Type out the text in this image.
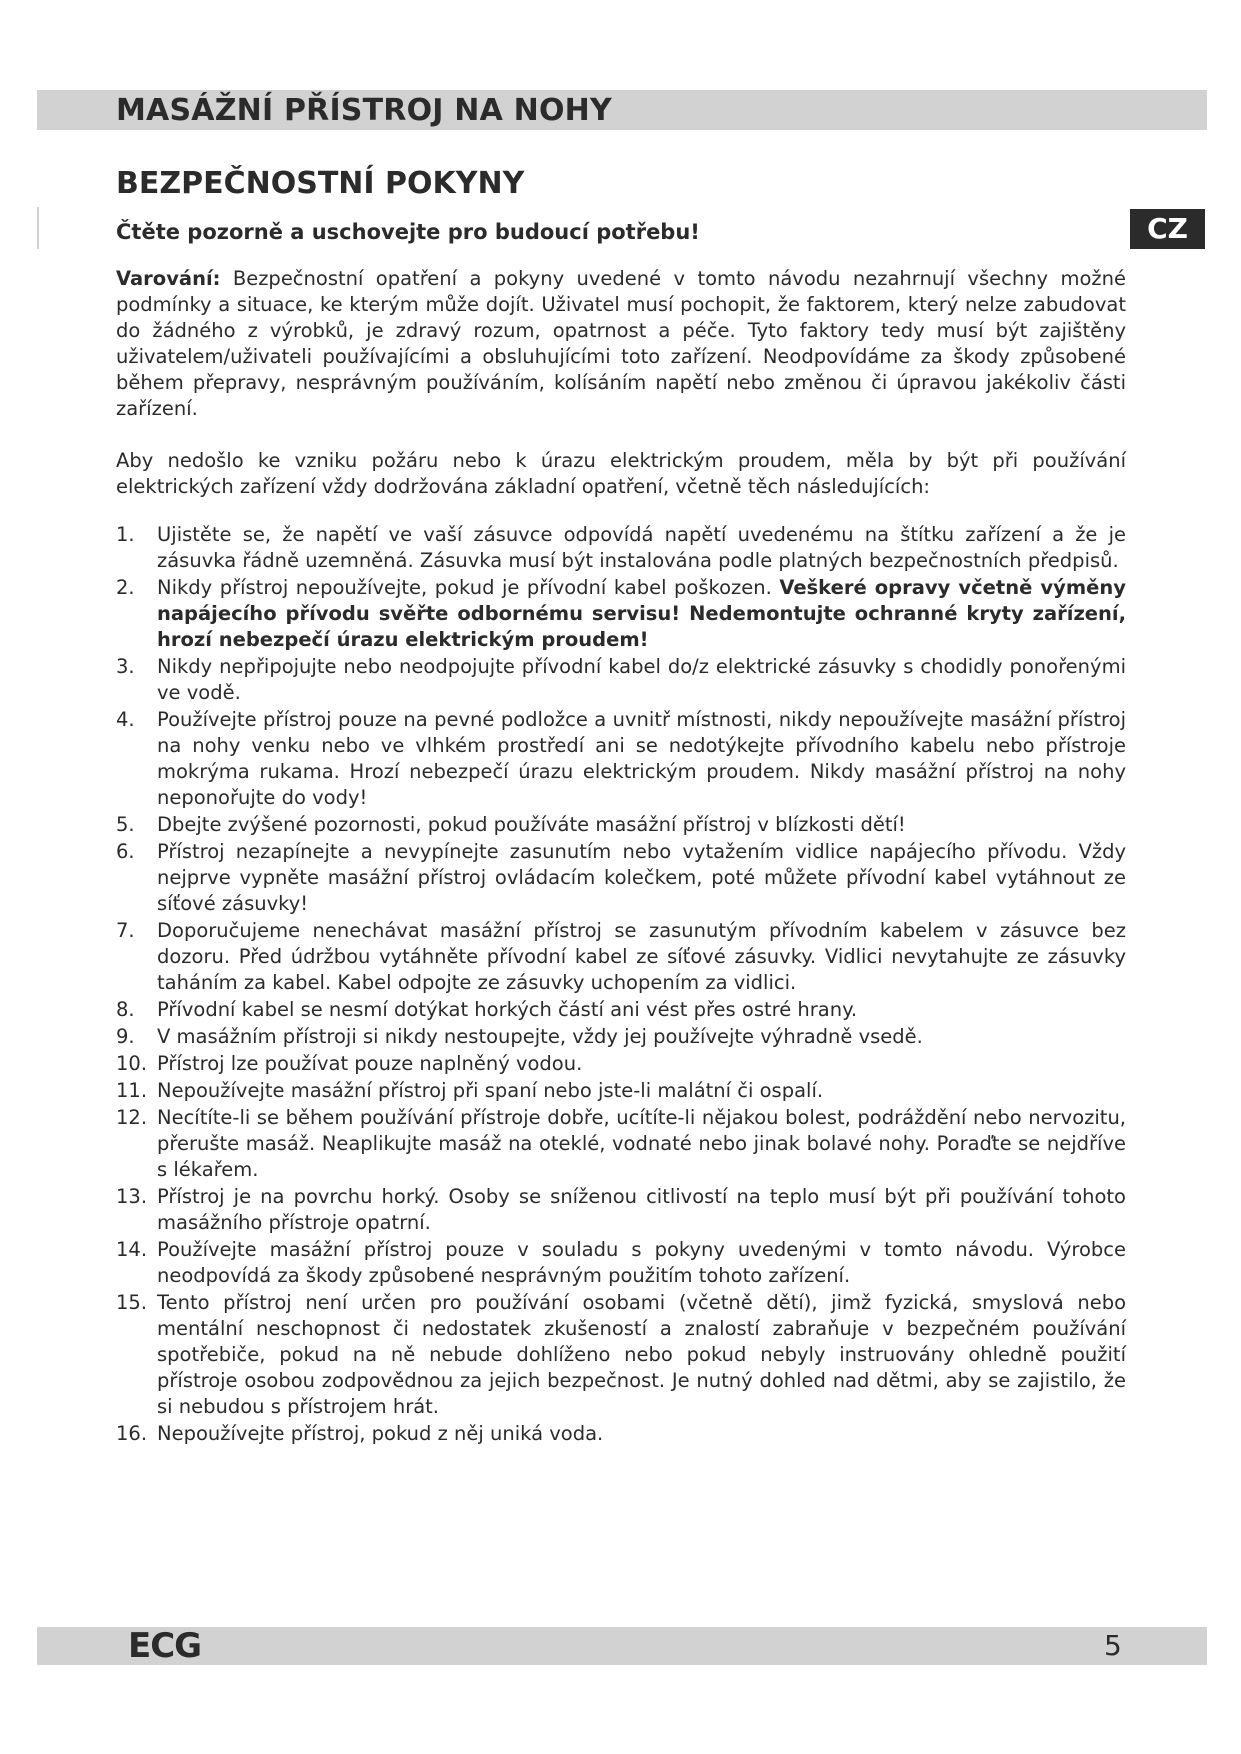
MASÁŽNÍ PŘÍSTROJ NA NOHY
BEZPEČNOSTNÍ POKYNY
Čtěte pozorně a uschovejte pro budoucí potřebu!	CZ

Varování: Bezpečnostní opatření a pokyny uvedené v tomto návodu nezahrnují všechny možné podmínky a situace, ke kterým může dojít. Uživatel musí pochopit, že faktorem, který nelze zabudovat do žádného z výrobků, je zdravý rozum, opatrnost a péče. Tyto faktory tedy musí být zajištěny uživatelem/uživateli používajícími a obsluhujícími toto zařízení. Neodpovídáme za škody způsobené během přepravy, nesprávným používáním, kolísáním napětí nebo změnou či úpravou jakékoliv části zařízení.

Aby nedošlo ke vzniku požáru nebo k úrazu elektrickým proudem, měla by být při používání elektrických zařízení vždy dodržována základní opatření, včetně těch následujících:

1. Ujistěte se, že napětí ve vaší zásuvce odpovídá napětí uvedenému na štítku zařízení a že je zásuvka řádně uzemněná. Zásuvka musí být instalována podle platných bezpečnostních předpisů.
2. Nikdy přístroj nepoužívejte, pokud je přívodní kabel poškozen. Veškeré opravy včetně výměny napájecího přívodu svěřte odbornému servisu! Nedemontujte ochranné kryty zařízení, hrozí nebezpečí úrazu elektrickým proudem!
3. Nikdy nepřipojujte nebo neodpojujte přívodní kabel do/z elektrické zásuvky s chodidly ponořenými ve vodě.
4. Používejte přístroj pouze na pevné podložce a uvnitř místnosti, nikdy nepoužívejte masážní přístroj na nohy venku nebo ve vlhkém prostředí ani se nedotýkejte přívodního kabelu nebo přístroje mokrýma rukama. Hrozí nebezpečí úrazu elektrickým proudem. Nikdy masážní přístroj na nohy neponořujte do vody!
5. Dbejte zvýšené pozornosti, pokud používáte masážní přístroj v blízkosti dětí!
6. Přístroj nezapínejte a nevypínejte zasunutím nebo vytažením vidlice napájecího přívodu. Vždy nejprve vypněte masážní přístroj ovládacím kolečkem, poté můžete přívodní kabel vytáhnout ze síťové zásuvky!
7. Doporučujeme nenechávat masážní přístroj se zasunutým přívodním kabelem v zásuvce bez dozoru. Před údržbou vytáhněte přívodní kabel ze síťové zásuvky. Vidlici nevytahujte ze zásuvky taháním za kabel. Kabel odpojte ze zásuvky uchopením za vidlici.
8. Přívodní kabel se nesmí dotýkat horkých částí ani vést přes ostré hrany.
9. V masážním přístroji si nikdy nestoupejte, vždy jej používejte výhradně vsedě.
10. Přístroj lze používat pouze naplněný vodou.
11. Nepoužívejte masážní přístroj při spaní nebo jste-li malátní či ospalí.
12. Necítíte-li se během používání přístroje dobře, ucítíte-li nějakou bolest, podráždění nebo nervozitu, přerušte masáž. Neaplikujte masáž na oteklé, vodnaté nebo jinak bolavé nohy. Poraďte se nejdříve s lékařem.
13. Přístroj je na povrchu horký. Osoby se sníženou citlivostí na teplo musí být při používání tohoto masážního přístroje opatrní.
14. Používejte masážní přístroj pouze v souladu s pokyny uvedenými v tomto návodu. Výrobce neodpovídá za škody způsobené nesprávným použitím tohoto zařízení.
15. Tento přístroj není určen pro používání osobami (včetně dětí), jimž fyzická, smyslová nebo mentální neschopnost či nedostatek zkušeností a znalostí zabraňuje v bezpečném používání spotřebiče, pokud na ně nebude dohlíženo nebo pokud nebyly instruovány ohledně použití přístroje osobou zodpovědnou za jejich bezpečnost. Je nutný dohled nad dětmi, aby se zajistilo, že si nebudou s přístrojem hrát.
16. Nepoužívejte přístroj, pokud z něj uniká voda.
ECG	5
